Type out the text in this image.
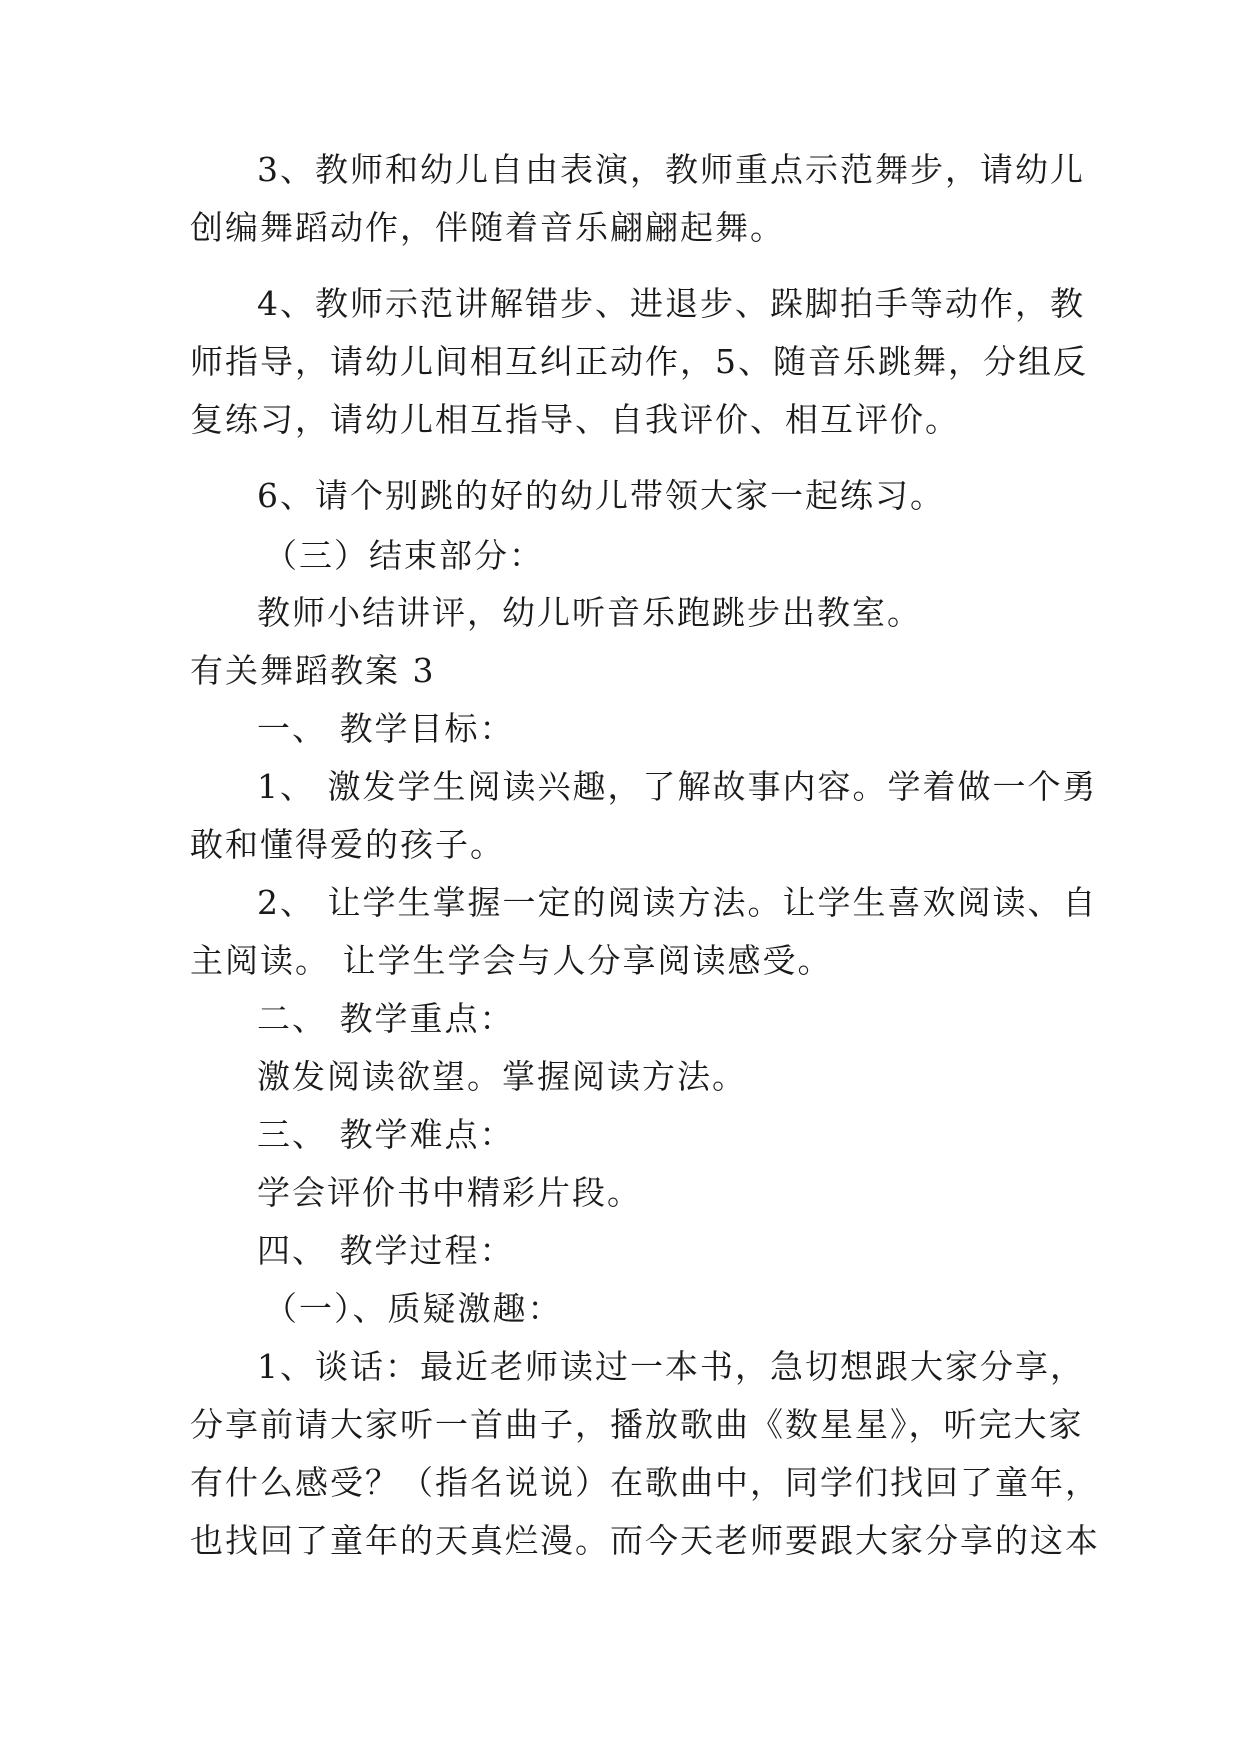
3、教师和幼儿自由表演，教师重点示范舞步，请幼儿
创编舞蹈动作，伴随着音乐翩翩起舞。
4、教师示范讲解错步、进退步、跺脚拍手等动作，教
师指导，请幼儿间相互纠正动作，5、随音乐跳舞，分组反
复练习，请幼儿相互指导、自我评价、相互评价。
6、请个别跳的好的幼儿带领大家一起练习。
（三）结束部分：
教师小结讲评，幼儿听音乐跑跳步出教室。
有关舞蹈教案 3
一、 教学目标：
1、 激发学生阅读兴趣，了解故事内容。学着做一个勇
敢和懂得爱的孩子。
2、 让学生掌握一定的阅读方法。让学生喜欢阅读、自
主阅读。 让学生学会与人分享阅读感受。
二、 教学重点：
激发阅读欲望。掌握阅读方法。
三、 教学难点：
学会评价书中精彩片段。
四、 教学过程：
（一）、质疑激趣：
1、谈话：最近老师读过一本书，急切想跟大家分享，
分享前请大家听一首曲子，播放歌曲《数星星》，听完大家
有什么感受？（指名说说）在歌曲中，同学们找回了童年，
也找回了童年的天真烂漫。而今天老师要跟大家分享的这本
